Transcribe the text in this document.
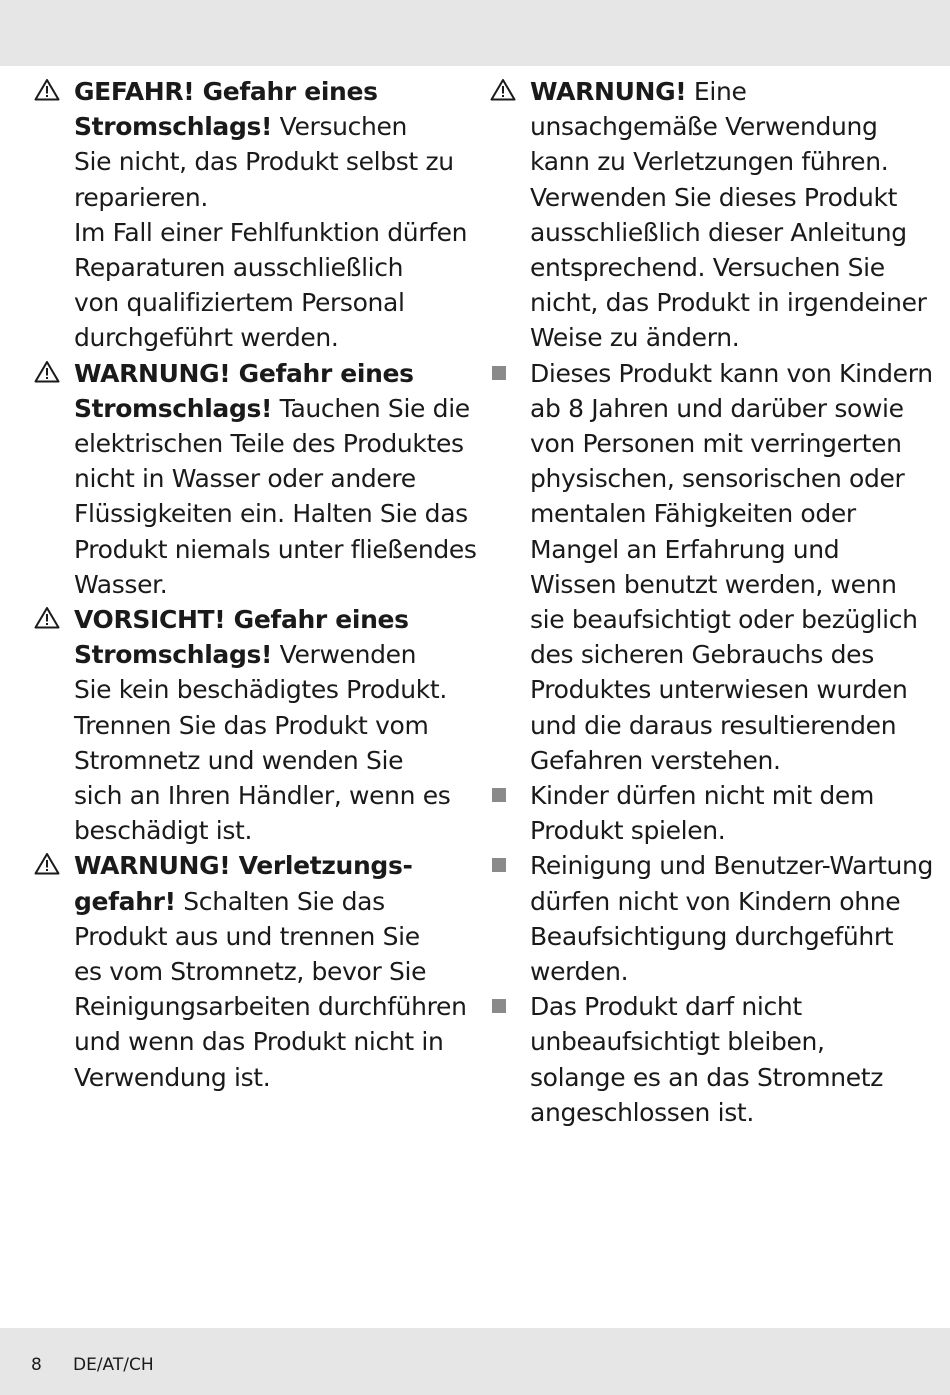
GEFAHR! Gefahr eines
Stromschlags! Versuchen
Sie nicht, das Produkt selbst zu
reparieren.
Im Fall einer Fehlfunktion dürfen
Reparaturen ausschließlich
von qualifiziertem Personal
durchgeführt werden.

WARNUNG! Gefahr eines
Stromschlags! Tauchen Sie die
elektrischen Teile des Produktes
nicht in Wasser oder andere
Flüssigkeiten ein. Halten Sie das
Produkt niemals unter fließendes
Wasser.

VORSICHT! Gefahr eines
Stromschlags! Verwenden
Sie kein beschädigtes Produkt.
Trennen Sie das Produkt vom
Stromnetz und wenden Sie
sich an Ihren Händler, wenn es
beschädigt ist.

WARNUNG! Verletzungs-
gefahr! Schalten Sie das
Produkt aus und trennen Sie
es vom Stromnetz, bevor Sie
Reinigungsarbeiten durchführen
und wenn das Produkt nicht in
Verwendung ist.

WARNUNG! Eine
unsachgemäße Verwendung
kann zu Verletzungen führen.
Verwenden Sie dieses Produkt
ausschließlich dieser Anleitung
entsprechend. Versuchen Sie
nicht, das Produkt in irgendeiner
Weise zu ändern.

Dieses Produkt kann von Kindern
ab 8 Jahren und darüber sowie
von Personen mit verringerten
physischen, sensorischen oder
mentalen Fähigkeiten oder
Mangel an Erfahrung und
Wissen benutzt werden, wenn
sie beaufsichtigt oder bezüglich
des sicheren Gebrauchs des
Produktes unterwiesen wurden
und die daraus resultierenden
Gefahren verstehen.

Kinder dürfen nicht mit dem
Produkt spielen.

Reinigung und Benutzer-Wartung
dürfen nicht von Kindern ohne
Beaufsichtigung durchgeführt
werden.

Das Produkt darf nicht
unbeaufsichtigt bleiben,
solange es an das Stromnetz
angeschlossen ist.

8 DE/AT/CH
